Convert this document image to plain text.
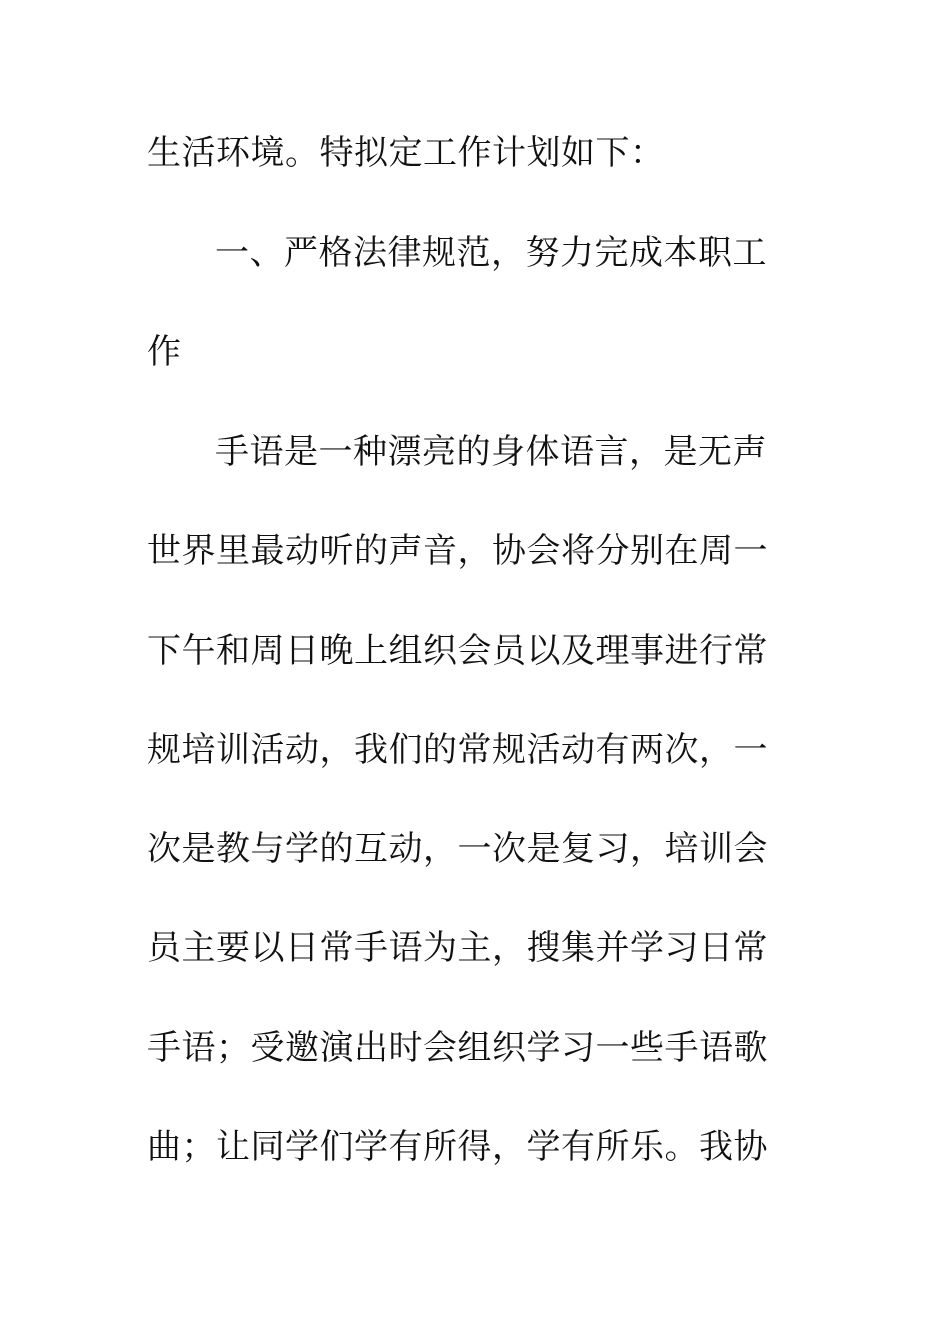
生活环境。特拟定工作计划如下：
一、严格法律规范，努力完成本职工
作
手语是一种漂亮的身体语言，是无声
世界里最动听的声音，协会将分别在周一
下午和周日晚上组织会员以及理事进行常
规培训活动，我们的常规活动有两次，一
次是教与学的互动，一次是复习，培训会
员主要以日常手语为主，搜集并学习日常
手语；受邀演出时会组织学习一些手语歌
曲；让同学们学有所得，学有所乐。我协
